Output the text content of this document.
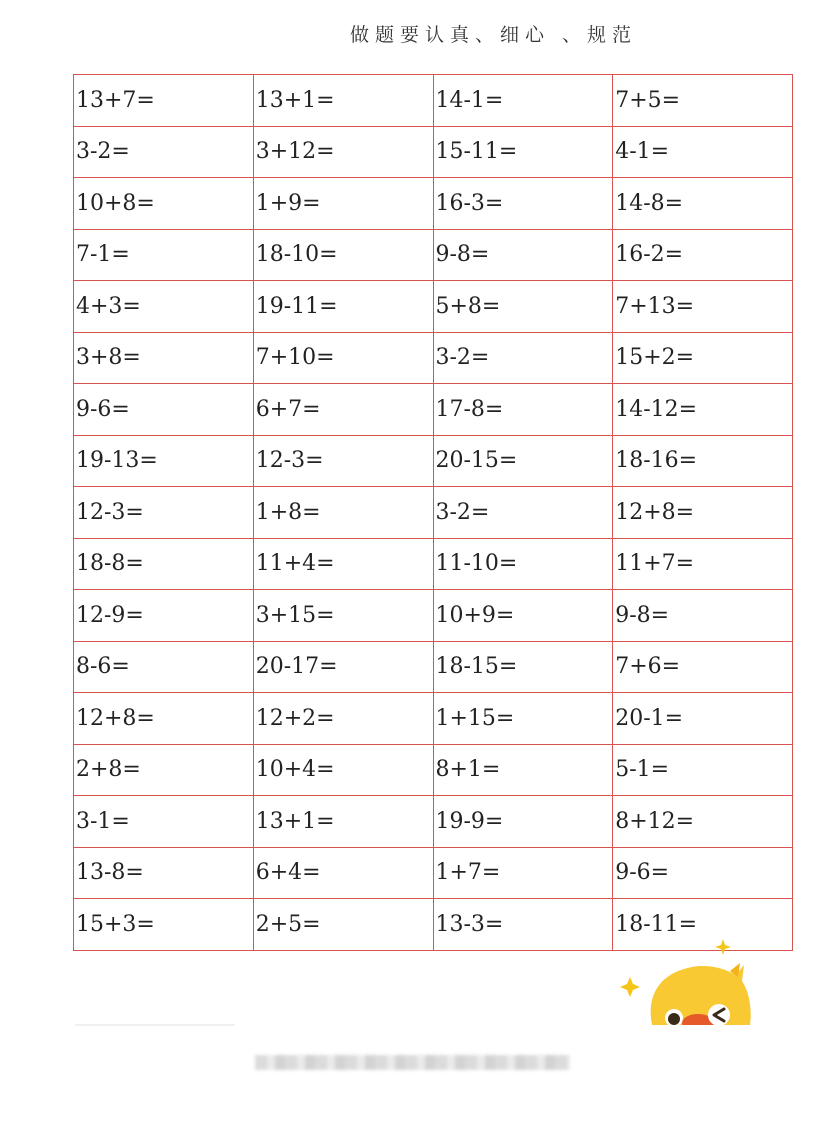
做题要认真、细心 、规范
13+7=	13+1=	14-1=	7+5=
3-2=	3+12=	15-11=	4-1=
10+8=	1+9=	16-3=	14-8=
7-1=	18-10=	9-8=	16-2=
4+3=	19-11=	5+8=	7+13=
3+8=	7+10=	3-2=	15+2=
9-6=	6+7=	17-8=	14-12=
19-13=	12-3=	20-15=	18-16=
12-3=	1+8=	3-2=	12+8=
18-8=	11+4=	11-10=	11+7=
12-9=	3+15=	10+9=	9-8=
8-6=	20-17=	18-15=	7+6=
12+8=	12+2=	1+15=	20-1=
2+8=	10+4=	8+1=	5-1=
3-1=	13+1=	19-9=	8+12=
13-8=	6+4=	1+7=	9-6=
15+3=	2+5=	13-3=	18-11=
